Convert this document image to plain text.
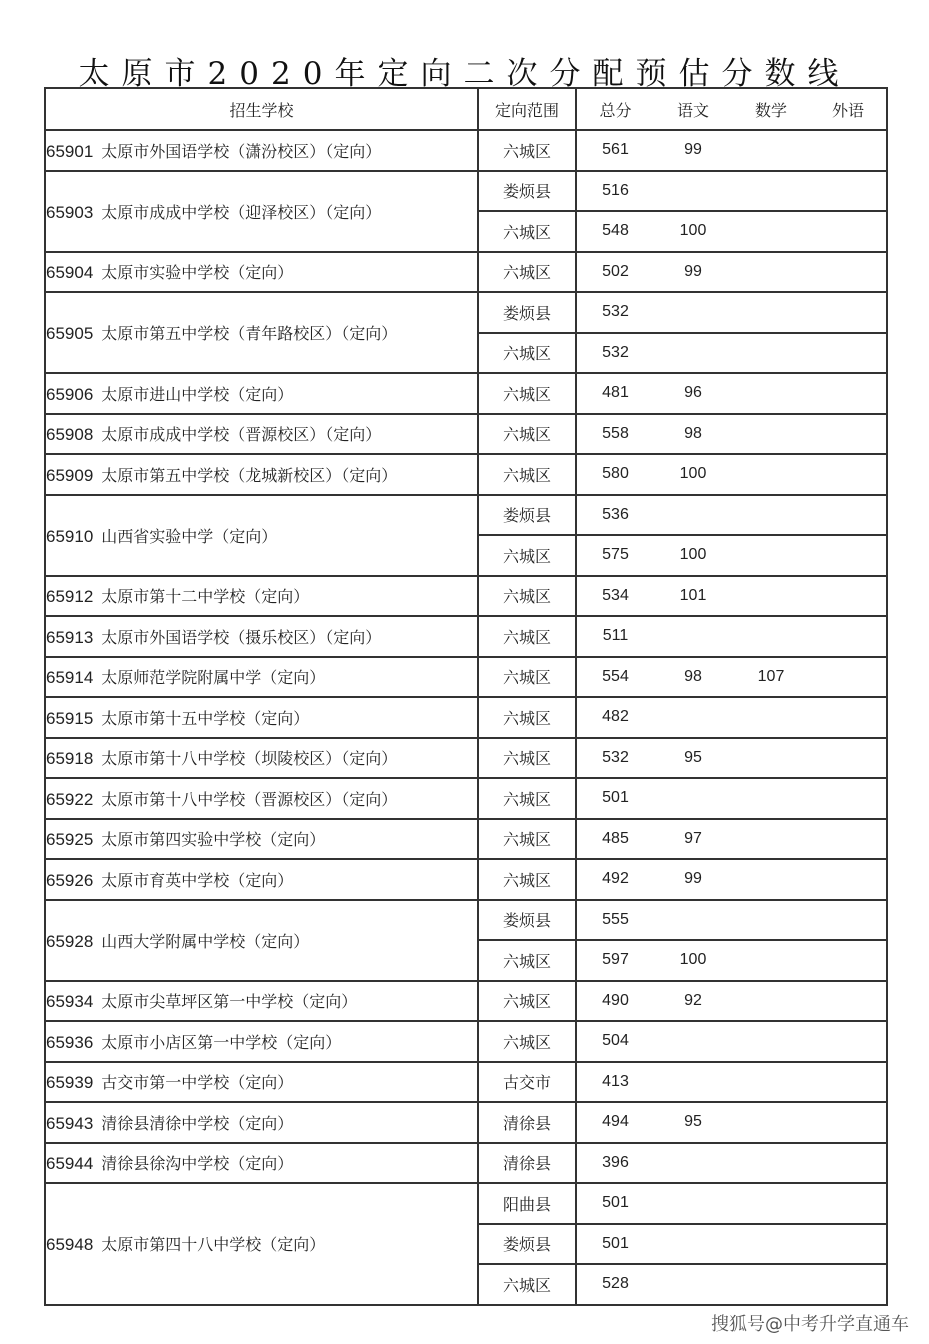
太原市2020年定向二次分配预估分数线
招生学校	定向范围	总分	语文	数学	外语
65901 太原市外国语学校（潇汾校区）（定向）	六城区	561	99		
65903 太原市成成中学校（迎泽校区）（定向）	娄烦县	516			
	六城区	548	100		
65904 太原市实验中学校（定向）	六城区	502	99		
65905 太原市第五中学校（青年路校区）（定向）	娄烦县	532			
	六城区	532			
65906 太原市进山中学校（定向）	六城区	481	96		
65908 太原市成成中学校（晋源校区）（定向）	六城区	558	98		
65909 太原市第五中学校（龙城新校区）（定向）	六城区	580	100		
65910 山西省实验中学（定向）	娄烦县	536			
	六城区	575	100		
65912 太原市第十二中学校（定向）	六城区	534	101		
65913 太原市外国语学校（摄乐校区）（定向）	六城区	511			
65914 太原师范学院附属中学（定向）	六城区	554	98	107	
65915 太原市第十五中学校（定向）	六城区	482			
65918 太原市第十八中学校（坝陵校区）（定向）	六城区	532	95		
65922 太原市第十八中学校（晋源校区）（定向）	六城区	501			
65925 太原市第四实验中学校（定向）	六城区	485	97		
65926 太原市育英中学校（定向）	六城区	492	99		
65928 山西大学附属中学校（定向）	娄烦县	555			
	六城区	597	100		
65934 太原市尖草坪区第一中学校（定向）	六城区	490	92		
65936 太原市小店区第一中学校（定向）	六城区	504			
65939 古交市第一中学校（定向）	古交市	413			
65943 清徐县清徐中学校（定向）	清徐县	494	95		
65944 清徐县徐沟中学校（定向）	清徐县	396			
65948 太原市第四十八中学校（定向）	阳曲县	501			
	娄烦县	501			
	六城区	528			
搜狐号@中考升学直通车
